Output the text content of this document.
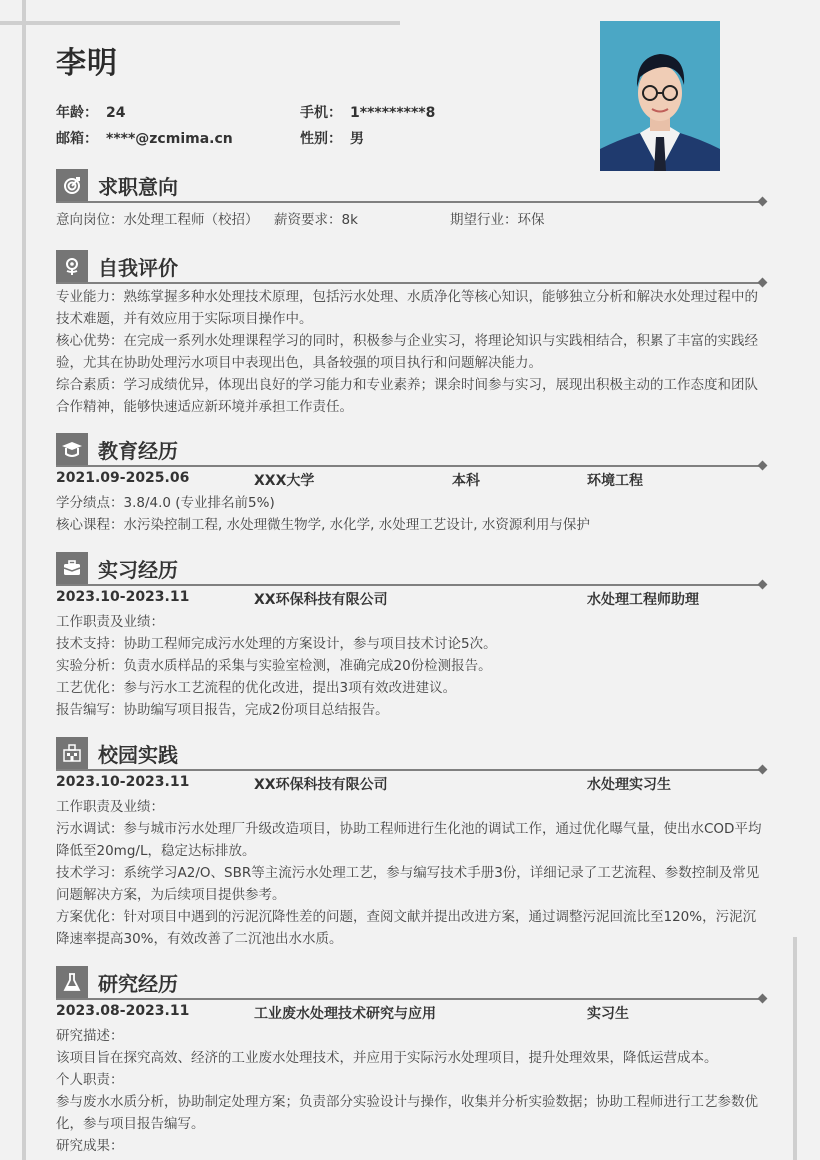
李明
年龄： 24	手机： 1*********8
邮箱： ****@zcmima.cn	性别： 男
求职意向
意向岗位：水处理工程师（校招） 薪资要求：8k	期望行业：环保
自我评价

专业能力：熟练掌握多种水处理技术原理，包括污水处理、水质净化等核心知识，能够独立分析和解决水处理过程中的技术难题，并有效应用于实际项目操作中。

核心优势：在完成一系列水处理课程学习的同时，积极参与企业实习，将理论知识与实践相结合，积累了丰富的实践经验，尤其在协助处理污水项目中表现出色，具备较强的项目执行和问题解决能力。

综合素质：学习成绩优异，体现出良好的学习能力和专业素养；课余时间参与实习，展现出积极主动的工作态度和团队合作精神，能够快速适应新环境并承担工作责任。

教育经历
2021.09-2025.06	XXX大学	本科	环境工程

学分绩点：3.8/4.0 (专业排名前5%)

核心课程：水污染控制工程, 水处理微生物学, 水化学, 水处理工艺设计, 水资源利用与保护

实习经历
2023.10-2023.11	XX环保科技有限公司	水处理工程师助理

工作职责及业绩：

技术支持：协助工程师完成污水处理的方案设计，参与项目技术讨论5次。

实验分析：负责水质样品的采集与实验室检测，准确完成20份检测报告。

工艺优化：参与污水工艺流程的优化改进，提出3项有效改进建议。

报告编写：协助编写项目报告，完成2份项目总结报告。

校园实践
2023.10-2023.11	XX环保科技有限公司	水处理实习生

工作职责及业绩：

污水调试：参与城市污水处理厂升级改造项目，协助工程师进行生化池的调试工作，通过优化曝气量，使出水COD平均降低至20mg/L，稳定达标排放。

技术学习：系统学习A2/O、SBR等主流污水处理工艺，参与编写技术手册3份，详细记录了工艺流程、参数控制及常见问题解决方案，为后续项目提供参考。

方案优化：针对项目中遇到的污泥沉降性差的问题，查阅文献并提出改进方案，通过调整污泥回流比至120%，污泥沉降速率提高30%，有效改善了二沉池出水水质。

研究经历
2023.08-2023.11	工业废水处理技术研究与应用	实习生

研究描述：

该项目旨在探究高效、经济的工业废水处理技术，并应用于实际污水处理项目，提升处理效果，降低运营成本。

个人职责：

参与废水水质分析，协助制定处理方案；负责部分实验设计与操作，收集并分析实验数据；协助工程师进行工艺参数优化，参与项目报告编写。

研究成果：
